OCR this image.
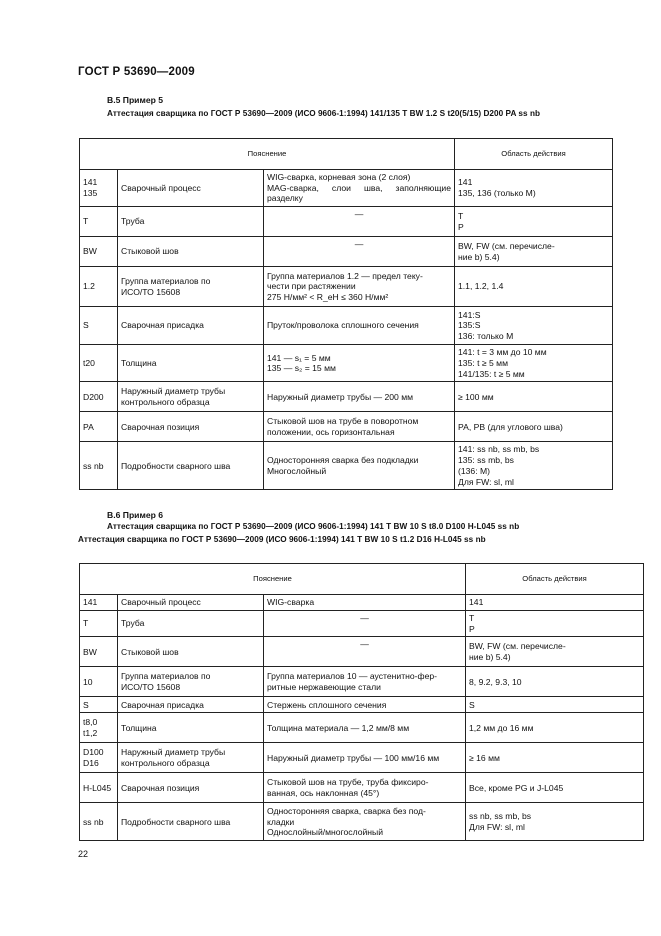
ГОСТ Р 53690—2009
B.5 Пример 5
Аттестация сварщика по ГОСТ Р 53690—2009 (ИСО 9606-1:1994) 141/135 T BW 1.2 S t20(5/15) D200 PA ss nb
Пояснение			Область действия

141
135	Сварочный процесс	WIG-сварка, корневая зона (2 слоя)
MAG-сварка, слои шва, заполняющие разделку	141
135, 136 (только М)

T	Труба	—	T
P

BW	Стыковой шов	—	BW, FW (см. перечисле-
ние b) 5.4)

1.2	Группа материалов по
ИСО/ТО 15608	Группа материалов 1.2 — предел теку-
чести при растяжении
275 Н/мм² < R_eH ≤ 360 Н/мм²	1.1, 1.2, 1.4

S	Сварочная присадка	Пруток/проволока сплошного сечения	141:S
135:S
136: только М

t20	Толщина	141 — s₁ = 5 мм
135 — s₂ = 15 мм	141: t = 3 мм до 10 мм
135: t ≥ 5 мм
141/135: t ≥ 5 мм

D200	Наружный диаметр трубы
контрольного образца	Наружный диаметр трубы — 200 мм	≥ 100 мм

PA	Сварочная позиция	Стыковой шов на трубе в поворотном
положении, ось горизонтальная	PA, PB (для углового шва)

ss nb	Подробности сварного шва	Односторонняя сварка без подкладки
Многослойный	141: ss nb, ss mb, bs
135: ss mb, bs
(136: M)
Для FW: sl, ml
B.6 Пример 6
Аттестация сварщика по ГОСТ Р 53690—2009 (ИСО 9606-1:1994) 141 T BW 10 S t8.0 D100 H-L045 ss nb
Аттестация сварщика по ГОСТ Р 53690—2009 (ИСО 9606-1:1994) 141 T BW 10 S t1.2 D16 H-L045 ss nb
Пояснение			Область действия

141	Сварочный процесс	WIG-сварка	141

T	Труба	—	T
P

BW	Стыковой шов	—	BW, FW (см. перечисле-
ние b) 5.4)

10	Группа материалов по
ИСО/ТО 15608	Группа материалов 10 — аустенитно-фер-
ритные нержавеющие стали	8, 9.2, 9.3, 10

S	Сварочная присадка	Стержень сплошного сечения	S

t8,0
t1,2	Толщина	Толщина материала — 1,2 мм/8 мм	1,2 мм до 16 мм

D100
D16	Наружный диаметр трубы
контрольного образца	Наружный диаметр трубы — 100 мм/16 мм	≥ 16 мм

H-L045	Сварочная позиция	Стыковой шов на трубе, труба фиксиро-
ванная, ось наклонная (45°)	Все, кроме PG и J-L045

ss nb	Подробности сварного шва	Односторонняя сварка, сварка без под-
кладки
Однослойный/многослойный	ss nb, ss mb, bs
Для FW: sl, ml
22
